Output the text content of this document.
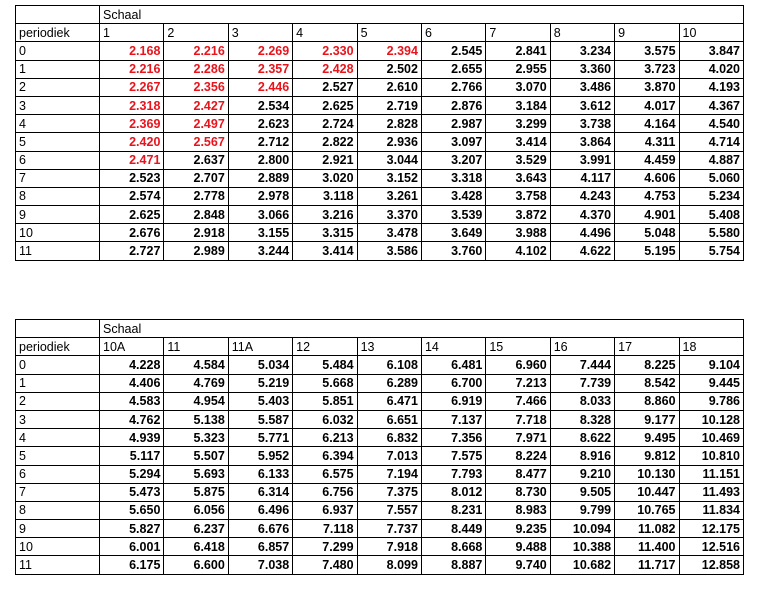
	Schaal									
periodiek	1	2	3	4	5	6	7	8	9	10
0	2.168	2.216	2.269	2.330	2.394	2.545	2.841	3.234	3.575	3.847
1	2.216	2.286	2.357	2.428	2.502	2.655	2.955	3.360	3.723	4.020
2	2.267	2.356	2.446	2.527	2.610	2.766	3.070	3.486	3.870	4.193
3	2.318	2.427	2.534	2.625	2.719	2.876	3.184	3.612	4.017	4.367
4	2.369	2.497	2.623	2.724	2.828	2.987	3.299	3.738	4.164	4.540
5	2.420	2.567	2.712	2.822	2.936	3.097	3.414	3.864	4.311	4.714
6	2.471	2.637	2.800	2.921	3.044	3.207	3.529	3.991	4.459	4.887
7	2.523	2.707	2.889	3.020	3.152	3.318	3.643	4.117	4.606	5.060
8	2.574	2.778	2.978	3.118	3.261	3.428	3.758	4.243	4.753	5.234
9	2.625	2.848	3.066	3.216	3.370	3.539	3.872	4.370	4.901	5.408
10	2.676	2.918	3.155	3.315	3.478	3.649	3.988	4.496	5.048	5.580
11	2.727	2.989	3.244	3.414	3.586	3.760	4.102	4.622	5.195	5.754
	Schaal									
periodiek	10A	11	11A	12	13	14	15	16	17	18
0	4.228	4.584	5.034	5.484	6.108	6.481	6.960	7.444	8.225	9.104
1	4.406	4.769	5.219	5.668	6.289	6.700	7.213	7.739	8.542	9.445
2	4.583	4.954	5.403	5.851	6.471	6.919	7.466	8.033	8.860	9.786
3	4.762	5.138	5.587	6.032	6.651	7.137	7.718	8.328	9.177	10.128
4	4.939	5.323	5.771	6.213	6.832	7.356	7.971	8.622	9.495	10.469
5	5.117	5.507	5.952	6.394	7.013	7.575	8.224	8.916	9.812	10.810
6	5.294	5.693	6.133	6.575	7.194	7.793	8.477	9.210	10.130	11.151
7	5.473	5.875	6.314	6.756	7.375	8.012	8.730	9.505	10.447	11.493
8	5.650	6.056	6.496	6.937	7.557	8.231	8.983	9.799	10.765	11.834
9	5.827	6.237	6.676	7.118	7.737	8.449	9.235	10.094	11.082	12.175
10	6.001	6.418	6.857	7.299	7.918	8.668	9.488	10.388	11.400	12.516
11	6.175	6.600	7.038	7.480	8.099	8.887	9.740	10.682	11.717	12.858
